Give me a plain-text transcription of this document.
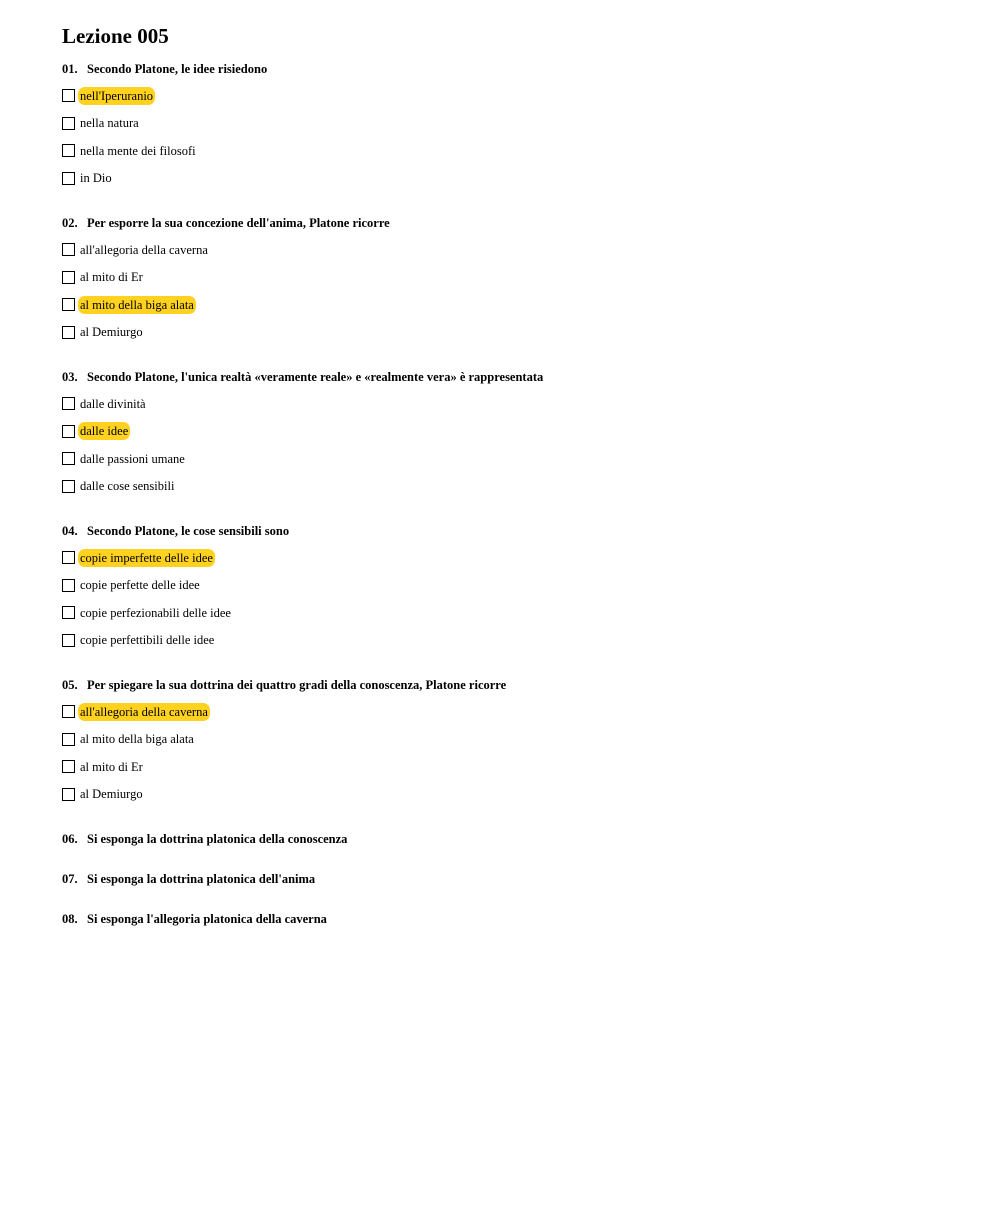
Lezione 005
01. Secondo Platone, le idee risiedono
nell'Iperuranio
nella natura
nella mente dei filosofi
in Dio
02. Per esporre la sua concezione dell'anima, Platone ricorre
all'allegoria della caverna
al mito di Er
al mito della biga alata
al Demiurgo
03. Secondo Platone, l'unica realtà «veramente reale» e «realmente vera» è rappresentata
dalle divinità
dalle idee
dalle passioni umane
dalle cose sensibili
04. Secondo Platone, le cose sensibili sono
copie imperfette delle idee
copie perfette delle idee
copie perfezionabili delle idee
copie perfettibili delle idee
05. Per spiegare la sua dottrina dei quattro gradi della conoscenza, Platone ricorre
all'allegoria della caverna
al mito della biga alata
al mito di Er
al Demiurgo
06. Si esponga la dottrina platonica della conoscenza
07. Si esponga la dottrina platonica dell'anima
08. Si esponga l'allegoria platonica della caverna
